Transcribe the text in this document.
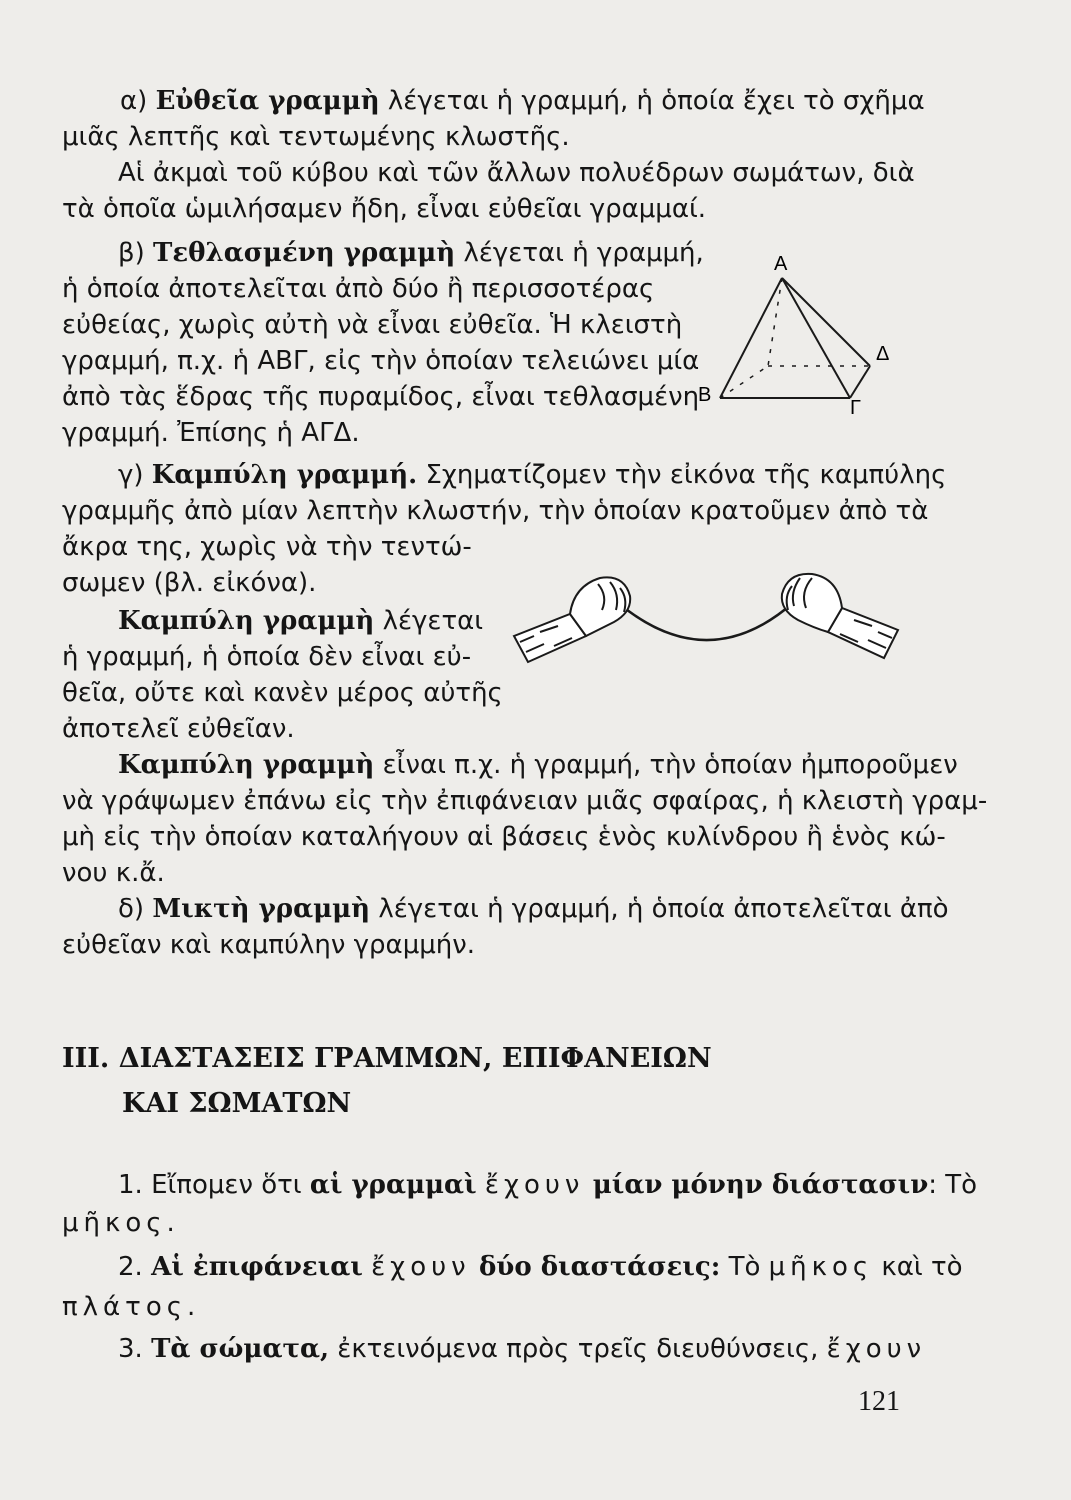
α) Εὐθεῖα γραμμὴ λέγεται ἡ γραμμή, ἡ ὁποία ἔχει τὸ σχῆμα
μιᾶς λεπτῆς καὶ τεντωμένης κλωστῆς.
Αἱ ἀκμαὶ τοῦ κύβου καὶ τῶν ἄλλων πολυέδρων σωμάτων, διὰ
τὰ ὁποῖα ὡμιλήσαμεν ἤδη, εἶναι εὐθεῖαι γραμμαί.
β) Τεθλασμένη γραμμὴ λέγεται ἡ γραμμή,
ἡ ὁποία ἀποτελεῖται ἀπὸ δύο ἢ περισσοτέρας
εὐθείας, χωρὶς αὐτὴ νὰ εἶναι εὐθεῖα. Ἡ κλειστὴ
γραμμή, π.χ. ἡ ΑΒΓ, εἰς τὴν ὁποίαν τελειώνει μία
ἀπὸ τὰς ἕδρας τῆς πυραμίδος, εἶναι τεθλασμένη
γραμμή. Ἐπίσης ἡ ΑΓΔ.
Α
Β
Γ
Δ
γ) Καμπύλη γραμμή. Σχηματίζομεν τὴν εἰκόνα τῆς καμπύλης
γραμμῆς ἀπὸ μίαν λεπτὴν κλωστήν, τὴν ὁποίαν κρατοῦμεν ἀπὸ τὰ
ἄκρα της, χωρὶς νὰ τὴν τεντώ-
σωμεν (βλ. εἰκόνα).
Καμπύλη γραμμὴ λέγεται
ἡ γραμμή, ἡ ὁποία δὲν εἶναι εὐ-
θεῖα, οὔτε καὶ κανὲν μέρος αὐτῆς
ἀποτελεῖ εὐθεῖαν.
Καμπύλη γραμμὴ εἶναι π.χ. ἡ γραμμή, τὴν ὁποίαν ἠμποροῦμεν
νὰ γράψωμεν ἐπάνω εἰς τὴν ἐπιφάνειαν μιᾶς σφαίρας, ἡ κλειστὴ γραμ-
μὴ εἰς τὴν ὁποίαν καταλήγουν αἱ βάσεις ἑνὸς κυλίνδρου ἢ ἑνὸς κώ-
νου κ.ἄ.
δ) Μικτὴ γραμμὴ λέγεται ἡ γραμμή, ἡ ὁποία ἀποτελεῖται ἀπὸ
εὐθεῖαν καὶ καμπύλην γραμμήν.
III. ΔΙΑΣΤΑΣΕΙΣ ΓΡΑΜΜΩΝ, ΕΠΙΦΑΝΕΙΩΝ
ΚΑΙ ΣΩΜΑΤΩΝ
1. Εἴπομεν ὅτι αἱ γραμμαὶ ἔχουν μίαν μόνην διάστασιν: Τὸ
μῆκος.
2. Αἱ ἐπιφάνειαι ἔχουν δύο διαστάσεις: Τὸ μῆκος καὶ τὸ
πλάτος.
3. Τὰ σώματα, ἐκτεινόμενα πρὸς τρεῖς διευθύνσεις, ἔχουν
121
